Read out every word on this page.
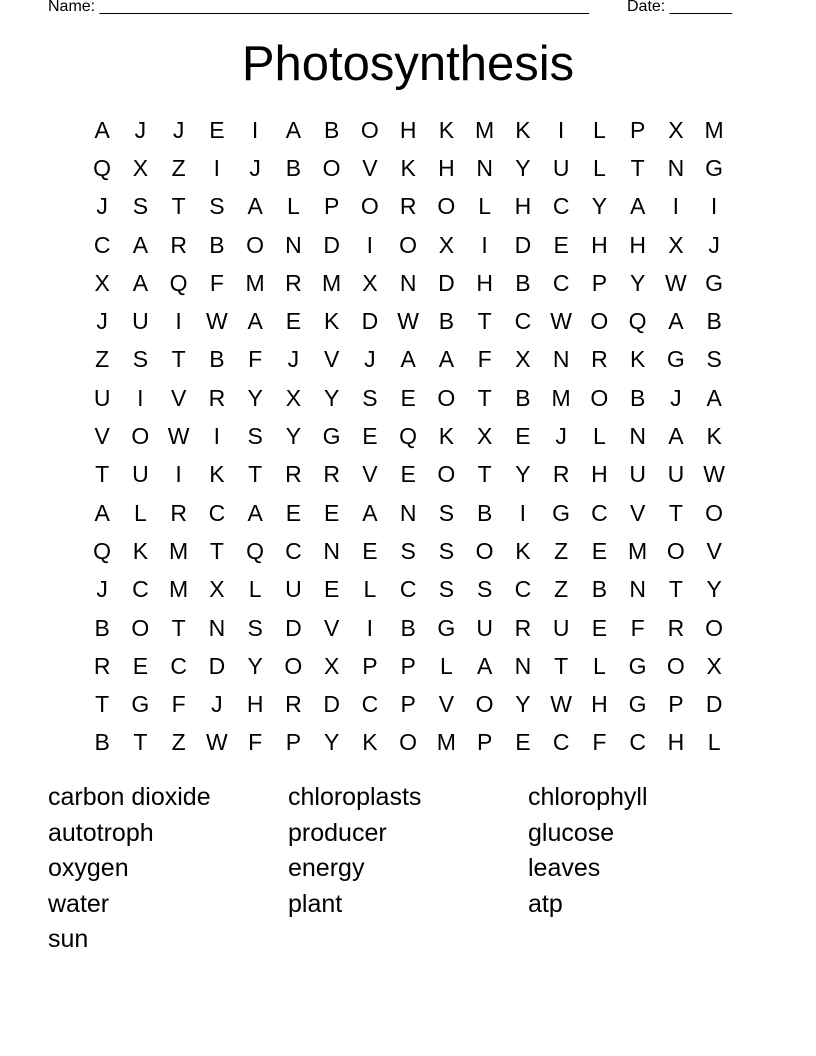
Name: _______________________________________________________ Date: _______
Photosynthesis
A	J	J	E	I	A B O H K M K	I	L	P X M
Q X	Z	I	J	B O V K H N Y U	L	T N G
J	S	T	S A	L	P O R O L	H C Y A	I	I
C A R B O N D	I	O X	I	D E H H X	J
X A Q F M R M X N D H B C P Y W G
J	U	I	W A E K D W B	T C W O Q A B
Z	S	T	B	F	J	V	J	A A	F	X N R K G S
U	I	V R Y X Y S E O T	B M O B	J	A
V O W	I	S Y G E Q K X E	J	L	N A K
T U	I	K	T R R V E O T	Y R H U U W
A	L	R C A E E A N S B	I	G C V	T O
Q K M T Q C N E S S O K	Z	E M O V
J	C M X	L	U E	L	C S S C Z	B N T	Y
B O T N S D V	I	B G U R U E	F R O
R E C D Y O X P P	L	A N T	L G O X
T G F	J	H R D C P V O Y W H G P D
B	T	Z W F	P Y K O M P E C F C H	L
carbon dioxide	chloroplasts	chlorophyll
autotroph	producer	glucose
oxygen	energy	leaves
water	plant	atp
sun
